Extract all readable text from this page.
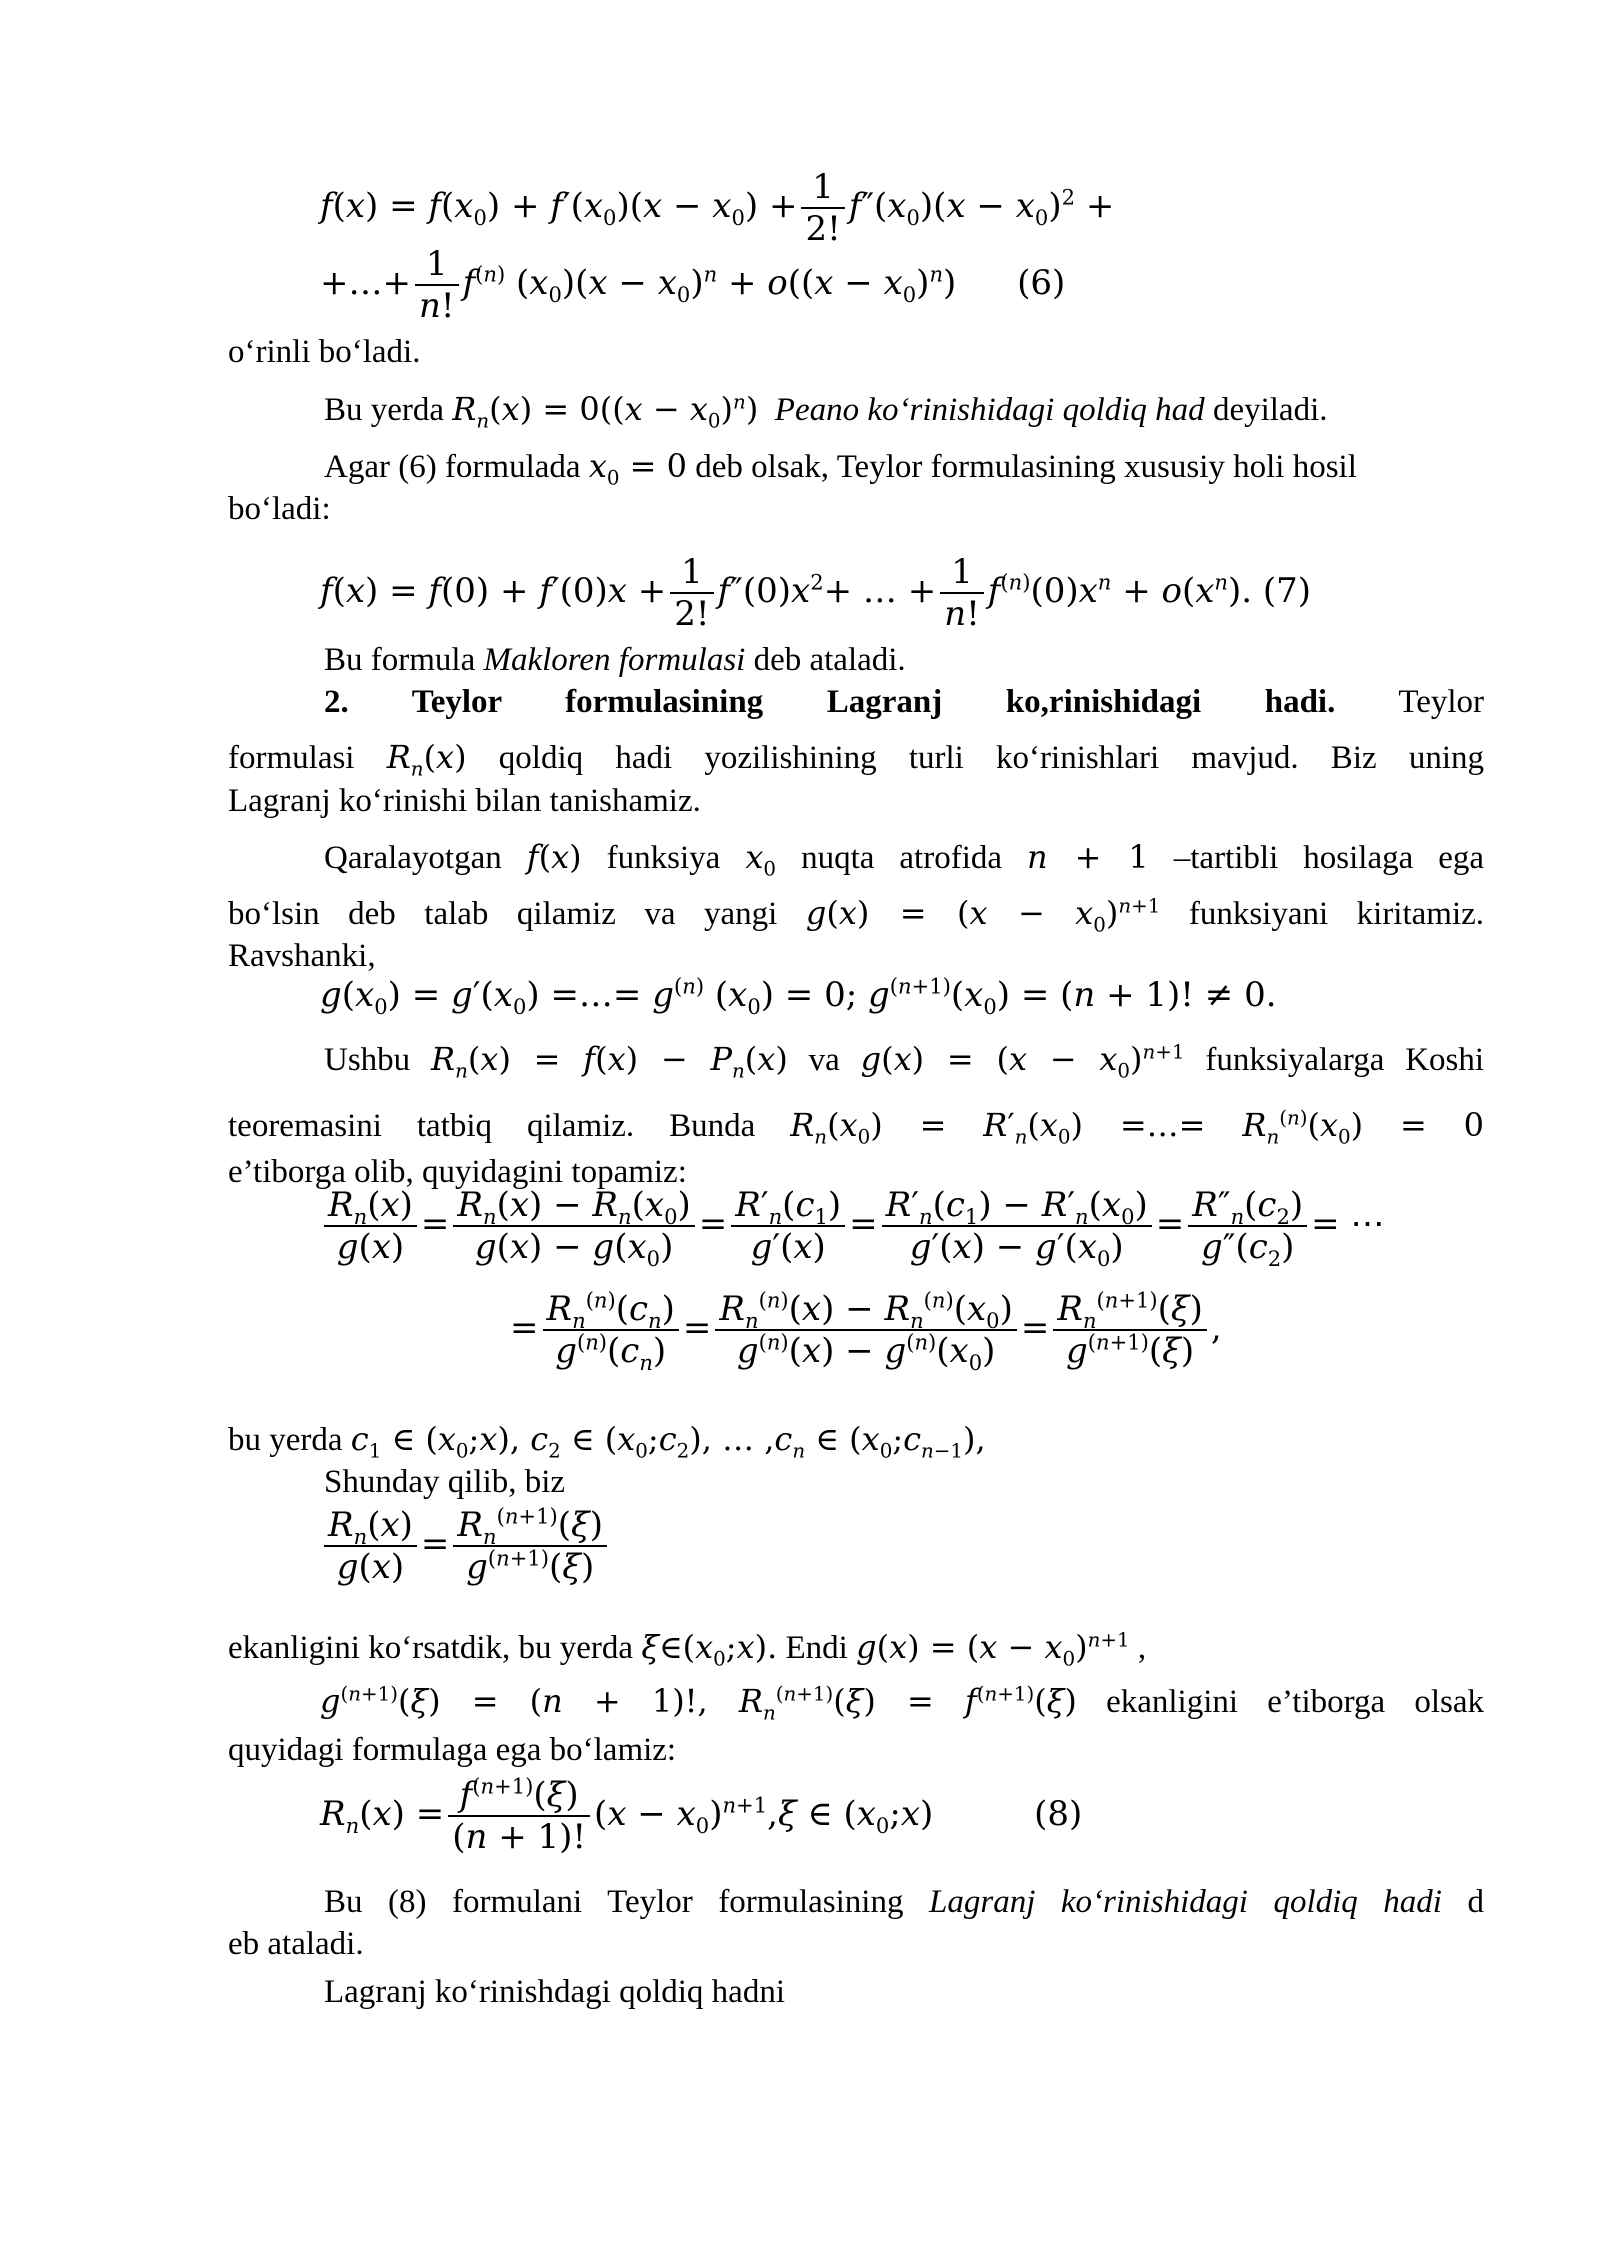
$f(x) = f(x_0) + f'(x_0)(x - x_0) + \frac{1}{2!} f''(x_0)(x - x_0)^2$ +
+…+ $\frac{1}{n!} f^{(n)}$ $(x_0)(x - x_0)^n + o((x - x_0)^n)$ (6)
o‘rinli bo‘ladi.
Bu yerda $R_n(x) = 0((x - x_0)^n)$ Peano ko‘rinishidagi qoldiq had deyiladi.
Agar (6) formulada $x_0 = 0$ deb olsak, Teylor formulasining xususiy holi hosil
bo‘ladi:
$f(x) = f(0) + f'(0)x + \frac{1}{2!} f''(0)x^2+$ … + $\frac{1}{n!} f^{(n)}(0)x^n + o(x^n)$. (7)
Bu formula Makloren formulasi deb ataladi.
2. Teylor formulasining Lagranj ko,rinishidagi hadi. Teylor
formulasi $R_n(x)$ qoldiq hadi yozilishining turli ko‘rinishlari mavjud. Biz uning
Lagranj ko‘rinishi bilan tanishamiz.
Qaralayotgan f(x) funksiya $x_0$ nuqta atrofida n + 1 –tartibli hosilaga ega
bo‘lsin deb talab qilamiz va yangi $g(x) = (x - x_0)^{n+1}$ funksiyani kiritamiz.
Ravshanki,
$g(x_0) = g'(x_0)$ =…= $g^{(n)}$ $(x_0) = 0$; $g^{(n+1)}(x_0) = (n + 1)$! ≠ 0.
Ushbu $R_n(x) = f(x) - P_n(x)$ va $g(x) = (x - x_0)^{n+1}$ funksiyalarga Koshi
teoremasini tatbiq qilamiz. Bunda $R_n(x_0) = R'_n(x_0)$ =…= $R_n^{(n)}(x_0) = 0$
e’tiborga olib, quyidagini topamiz:
$\frac{R_n(x)}{g(x)} = \frac{R_n(x) - R_n(x_0)}{g(x) - g(x_0)} = \frac{R'_n(c_1)}{g'(x)} = \frac{R'_n(c_1) - R'_n(x_0)}{g'(x) - g'(x_0)} = \frac{R''_n(c_2)}{g''(c_2)}$ = ⋯
= $\frac{R_n^{(n)}(c_n)}{g^{(n)}(c_n)} = \frac{R_n^{(n)}(x) - R_n^{(n)}(x_0)}{g^{(n)}(x) - g^{(n)}(x_0)} = \frac{R_n^{(n+1)}(\xi)}{g^{(n+1)}(\xi)}$ ,
bu yerda $c_1$ ∈ $(x_0;x)$, $c_2$ ∈ $(x_0;c_2)$, … $,c_n$ ∈ $(x_0;c_{n-1})$,
Shunday qilib, biz
$\frac{R_n(x)}{g(x)} = \frac{R_n^{(n+1)}(\xi)}{g^{(n+1)}(\xi)}$
ekanligini ko‘rsatdik, bu yerda $\xi\in(x_0;x)$. Endi $g(x) = (x - x_0)^{n+1}$ ,
$g^{(n+1)}(\xi) = (n + 1)$!, $R_n^{(n+1)}(\xi) = f^{(n+1)}(\xi)$ ekanligini e’tiborga olsak
quyidagi formulaga ega bo‘lamiz:
$R_n(x) = \frac{f^{(n+1)}(\xi)}{(n + 1)!} (x - x_0)^{n+1},\xi$ ∈ $(x_0;x)$	(8)
Bu (8) formulani Teylor formulasining Lagranj ko‘rinishidagi qoldiq hadi d
eb ataladi.
Lagranj ko‘rinishdagi qoldiq hadni
